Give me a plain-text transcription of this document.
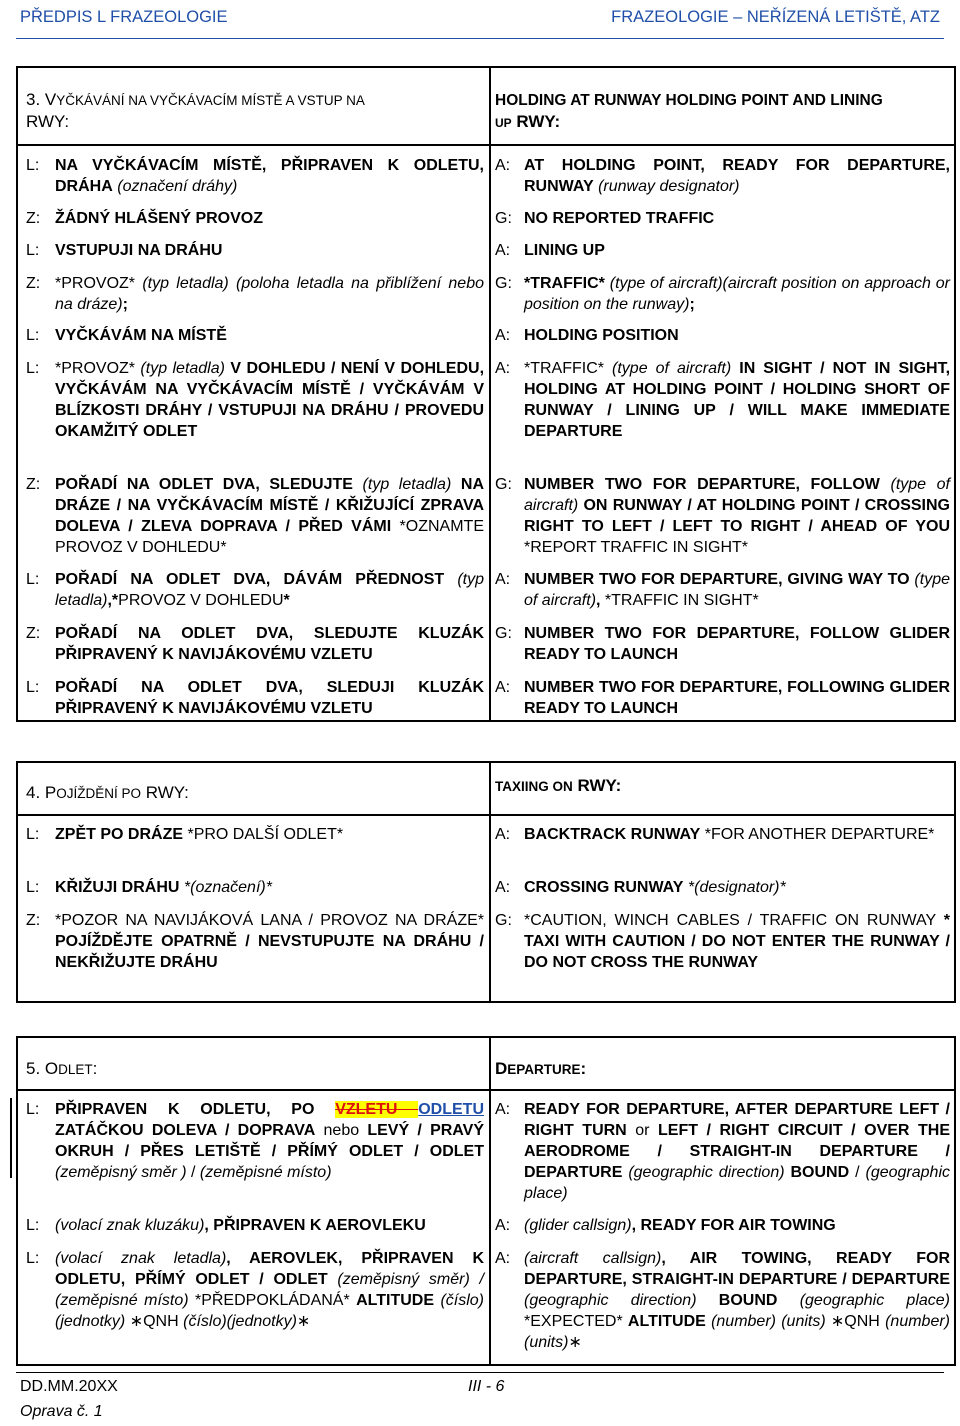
PŘEDPIS L FRAZEOLOGIE	FRAZEOLOGIE – NEŘÍZENÁ LETIŠTĚ, ATZ
3. VYČKÁVÁNÍ NA VYČKÁVACÍM MÍSTĚ A VSTUP NA
RWY:
HOLDING AT RUNWAY HOLDING POINT AND LINING
UP RWY:
L: NA VYČKÁVACÍM MÍSTĚ, PŘIPRAVEN K ODLETU, DRÁHA (označení dráhy)
A: AT HOLDING POINT, READY FOR DEPARTURE, RUNWAY (runway designator)
Z: ŽÁDNÝ HLÁŠENÝ PROVOZ	G: NO REPORTED TRAFFIC
L: VSTUPUJI NA DRÁHU	A: LINING UP
Z: *PROVOZ* (typ letadla) (poloha letadla na přiblížení nebo na dráze);
G: *TRAFFIC* (type of aircraft)(aircraft position on approach or position on the runway);
L: VYČKÁVÁM NA MÍSTĚ	A: HOLDING POSITION
L: *PROVOZ* (typ letadla) V DOHLEDU / NENÍ V DOHLEDU, VYČKÁVÁM NA VYČKÁVACÍM MÍSTĚ / VYČKÁVÁM V BLÍZKOSTI DRÁHY / VSTUPUJI NA DRÁHU / PROVEDU OKAMŽITÝ ODLET
A: *TRAFFIC* (type of aircraft) IN SIGHT / NOT IN SIGHT, HOLDING AT HOLDING POINT / HOLDING SHORT OF RUNWAY / LINING UP / WILL MAKE IMMEDIATE DEPARTURE
Z: POŘADÍ NA ODLET DVA, SLEDUJTE (typ letadla) NA DRÁZE / NA VYČKÁVACÍM MÍSTĚ / KŘIŽUJÍCÍ ZPRAVA DOLEVA / ZLEVA DOPRAVA / PŘED VÁMI *OZNAMTE PROVOZ V DOHLEDU*
G: NUMBER TWO FOR DEPARTURE, FOLLOW (type of aircraft) ON RUNWAY / AT HOLDING POINT / CROSSING RIGHT TO LEFT / LEFT TO RIGHT / AHEAD OF YOU *REPORT TRAFFIC IN SIGHT*
L: POŘADÍ NA ODLET DVA, DÁVÁM PŘEDNOST (typ letadla),*PROVOZ V DOHLEDU*
A: NUMBER TWO FOR DEPARTURE, GIVING WAY TO (type of aircraft), *TRAFFIC IN SIGHT*
Z: POŘADÍ NA ODLET DVA, SLEDUJTE KLUZÁK PŘIPRAVENÝ K NAVIJÁKOVÉMU VZLETU
G: NUMBER TWO FOR DEPARTURE, FOLLOW GLIDER READY TO LAUNCH
L: POŘADÍ NA ODLET DVA, SLEDUJI KLUZÁK PŘIPRAVENÝ K NAVIJÁKOVÉMU VZLETU
A: NUMBER TWO FOR DEPARTURE, FOLLOWING GLIDER READY TO LAUNCH
4. POJÍŽDĚNÍ PO RWY:	TAXIING ON RWY:
L: ZPĚT PO DRÁZE *PRO DALŠÍ ODLET*	A: BACKTRACK RUNWAY *FOR ANOTHER DEPARTURE*
L: KŘIŽUJI DRÁHU *(označení)*	A: CROSSING RUNWAY *(designator)*
Z: *POZOR NA NAVIJÁKOVÁ LANA / PROVOZ NA DRÁZE* POJÍŽDĚJTE OPATRNĚ / NEVSTUPUJTE NA DRÁHU / NEKŘIŽUJTE DRÁHU
G: *CAUTION, WINCH CABLES / TRAFFIC ON RUNWAY * TAXI WITH CAUTION / DO NOT ENTER THE RUNWAY / DO NOT CROSS THE RUNWAY
5. ODLET:	DEPARTURE:
L: PŘIPRAVEN K ODLETU, PO VZLETU ODLETU ZATÁČKOU DOLEVA / DOPRAVA nebo LEVÝ / PRAVÝ OKRUH / PŘES LETIŠTĚ / PŘÍMÝ ODLET / ODLET (zeměpisný směr ) / (zeměpisné místo)
A: READY FOR DEPARTURE, AFTER DEPARTURE LEFT / RIGHT TURN or LEFT / RIGHT CIRCUIT / OVER THE AERODROME / STRAIGHT-IN DEPARTURE / DEPARTURE (geographic direction) BOUND / (geographic place)
L: (volací znak kluzáku), PŘIPRAVEN K AEROVLEKU	A: (glider callsign), READY FOR AIR TOWING
L: (volací znak letadla), AEROVLEK, PŘIPRAVEN K ODLETU, PŘÍMÝ ODLET / ODLET (zeměpisný směr) / (zeměpisné místo) *PŘEDPOKLÁDANÁ* ALTITUDE (číslo)(jednotky) ∗QNH (číslo)(jednotky)∗
A: (aircraft callsign), AIR TOWING, READY FOR DEPARTURE, STRAIGHT-IN DEPARTURE / DEPARTURE (geographic direction) BOUND (geographic place) *EXPECTED* ALTITUDE (number) (units) ∗QNH (number)(units)∗
DD.MM.20XX	III - 6
Oprava č. 1
